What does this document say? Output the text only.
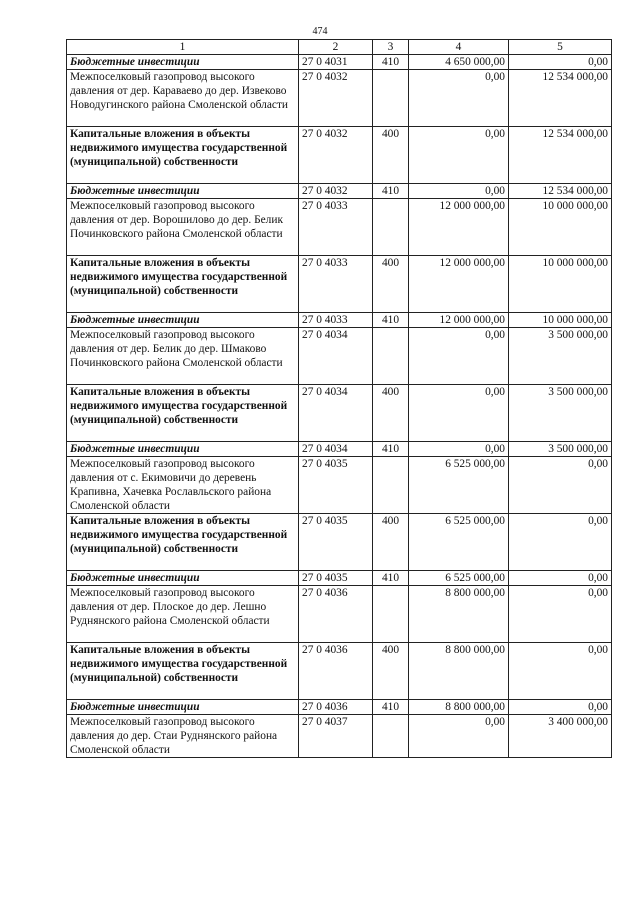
474
1	2	3	4	5
Бюджетные инвестиции	27 0 4031	410	4 650 000,00	0,00
Межпоселковый газопровод высокого давления от дер. Караваево до дер. Извеково Новодугинского района Смоленской области	27 0 4032		0,00	12 534 000,00
Капитальные вложения в объекты недвижимого имущества государственной (муниципальной) собственности	27 0 4032	400	0,00	12 534 000,00
Бюджетные инвестиции	27 0 4032	410	0,00	12 534 000,00
Межпоселковый газопровод высокого давления от дер. Ворошилово до дер. Белик Починковского района Смоленской области	27 0 4033		12 000 000,00	10 000 000,00
Капитальные вложения в объекты недвижимого имущества государственной (муниципальной) собственности	27 0 4033	400	12 000 000,00	10 000 000,00
Бюджетные инвестиции	27 0 4033	410	12 000 000,00	10 000 000,00
Межпоселковый газопровод высокого давления от дер. Белик до дер. Шмаково Починковского района Смоленской области	27 0 4034		0,00	3 500 000,00
Капитальные вложения в объекты недвижимого имущества государственной (муниципальной) собственности	27 0 4034	400	0,00	3 500 000,00
Бюджетные инвестиции	27 0 4034	410	0,00	3 500 000,00
Межпоселковый газопровод высокого давления от с. Екимовичи до деревень Крапивна, Хачевка Рославльского района Смоленской области	27 0 4035		6 525 000,00	0,00
Капитальные вложения в объекты недвижимого имущества государственной (муниципальной) собственности	27 0 4035	400	6 525 000,00	0,00
Бюджетные инвестиции	27 0 4035	410	6 525 000,00	0,00
Межпоселковый газопровод высокого давления от дер. Плоское до дер. Лешно Руднянского района Смоленской области	27 0 4036		8 800 000,00	0,00
Капитальные вложения в объекты недвижимого имущества государственной (муниципальной) собственности	27 0 4036	400	8 800 000,00	0,00
Бюджетные инвестиции	27 0 4036	410	8 800 000,00	0,00
Межпоселковый газопровод высокого давления до дер. Стаи Руднянского района Смоленской области	27 0 4037		0,00	3 400 000,00
